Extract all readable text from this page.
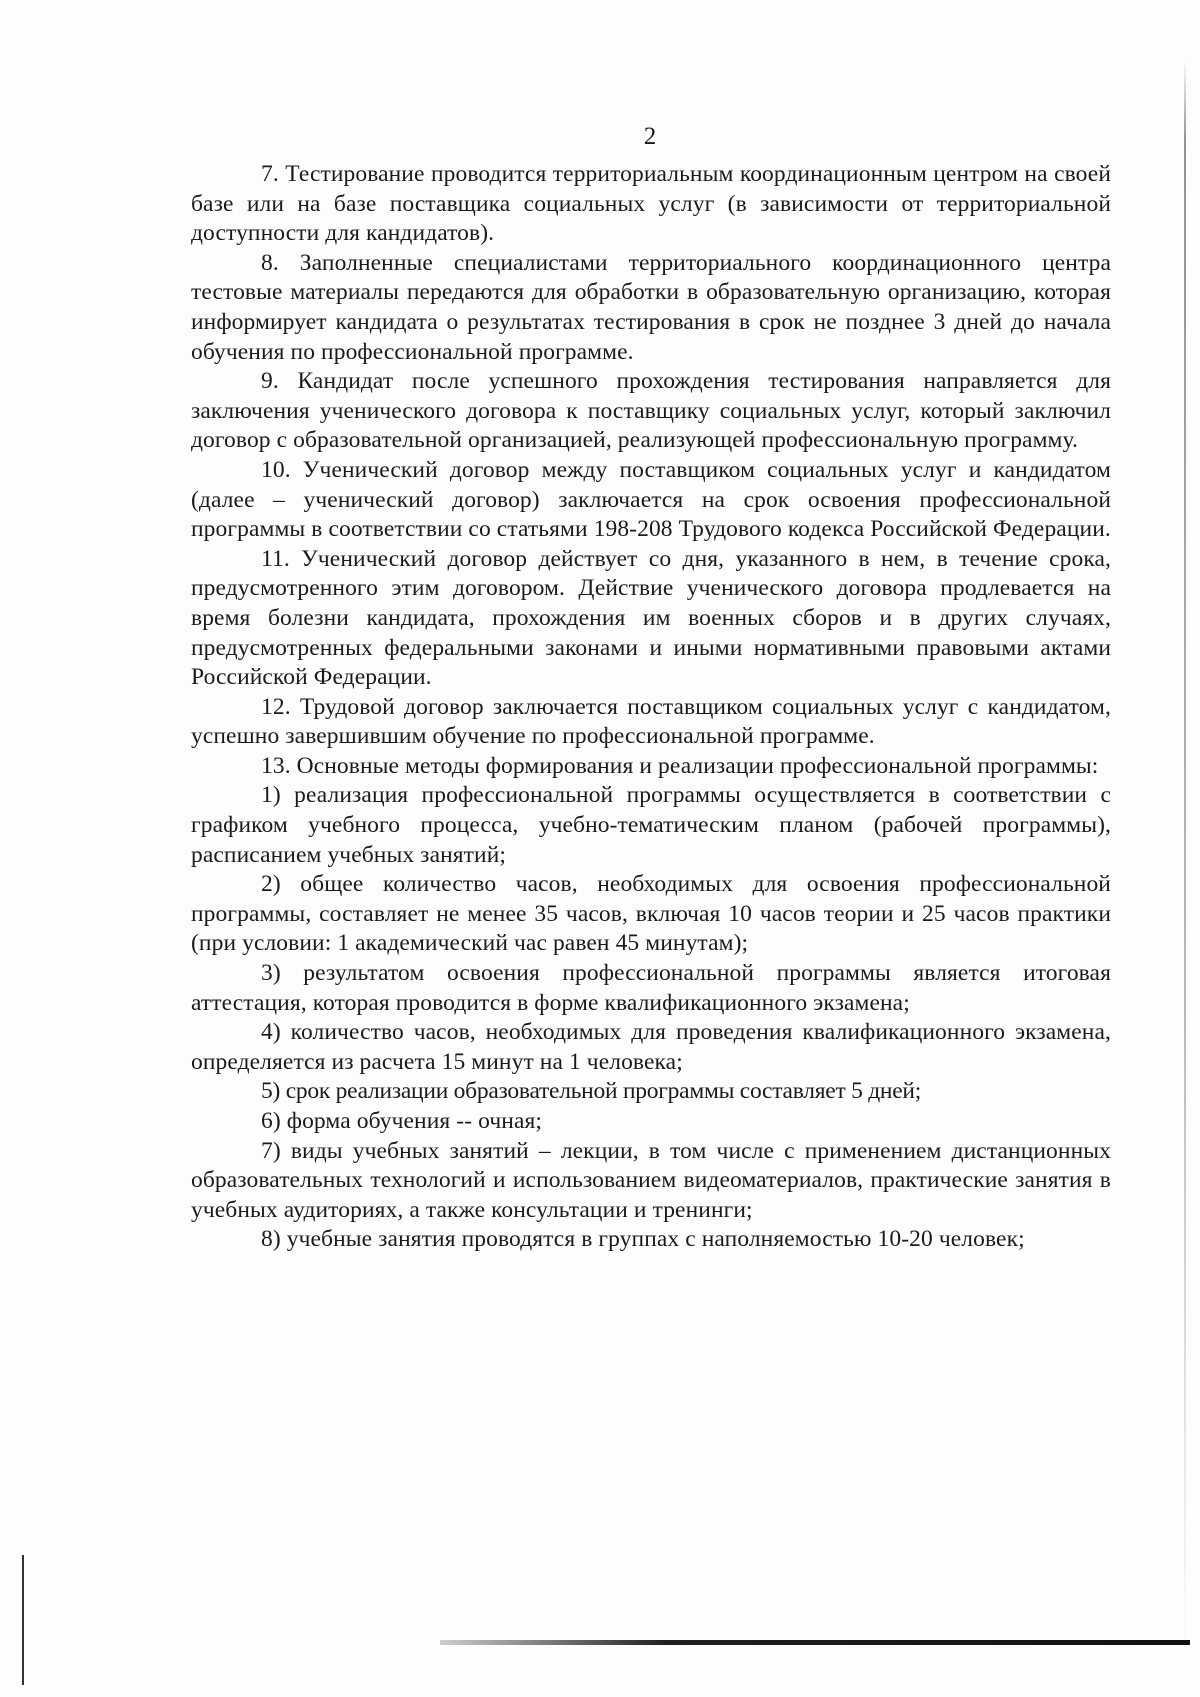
2

7. Тестирование проводится территориальным координационным центром на своей базе или на базе поставщика социальных услуг (в зависимости от территориальной доступности для кандидатов).

8. Заполненные специалистами территориального координационного центра тестовые материалы передаются для обработки в образовательную организацию, которая информирует кандидата о результатах тестирования в срок не позднее 3 дней до начала обучения по профессиональной программе.

9. Кандидат после успешного прохождения тестирования направляется для заключения ученического договора к поставщику социальных услуг, который заключил договор с образовательной организацией, реализующей профессиональную программу.

10. Ученический договор между поставщиком социальных услуг и кандидатом (далее – ученический договор) заключается на срок освоения профессиональной программы в соответствии со статьями 198-208 Трудового кодекса Российской Федерации.

11. Ученический договор действует со дня, указанного в нем, в течение срока, предусмотренного этим договором. Действие ученического договора продлевается на время болезни кандидата, прохождения им военных сборов и в других случаях, предусмотренных федеральными законами и иными нормативными правовыми актами Российской Федерации.

12. Трудовой договор заключается поставщиком социальных услуг с кандидатом, успешно завершившим обучение по профессиональной программе.

13. Основные методы формирования и реализации профессиональной программы:

1) реализация профессиональной программы осуществляется в соответствии с графиком учебного процесса, учебно-тематическим планом (рабочей программы), расписанием учебных занятий;

2) общее количество часов, необходимых для освоения профессиональной программы, составляет не менее 35 часов, включая 10 часов теории и 25 часов практики (при условии: 1 академический час равен 45 минутам);

3) результатом освоения профессиональной программы является итоговая аттестация, которая проводится в форме квалификационного экзамена;

4) количество часов, необходимых для проведения квалификационного экзамена, определяется из расчета 15 минут на 1 человека;

5) срок реализации образовательной программы составляет 5 дней;

6) форма обучения -- очная;

7) виды учебных занятий – лекции, в том числе с применением дистанционных образовательных технологий и использованием видеоматериалов, практические занятия в учебных аудиториях, а также консультации и тренинги;

8) учебные занятия проводятся в группах с наполняемостью 10-20 человек;
